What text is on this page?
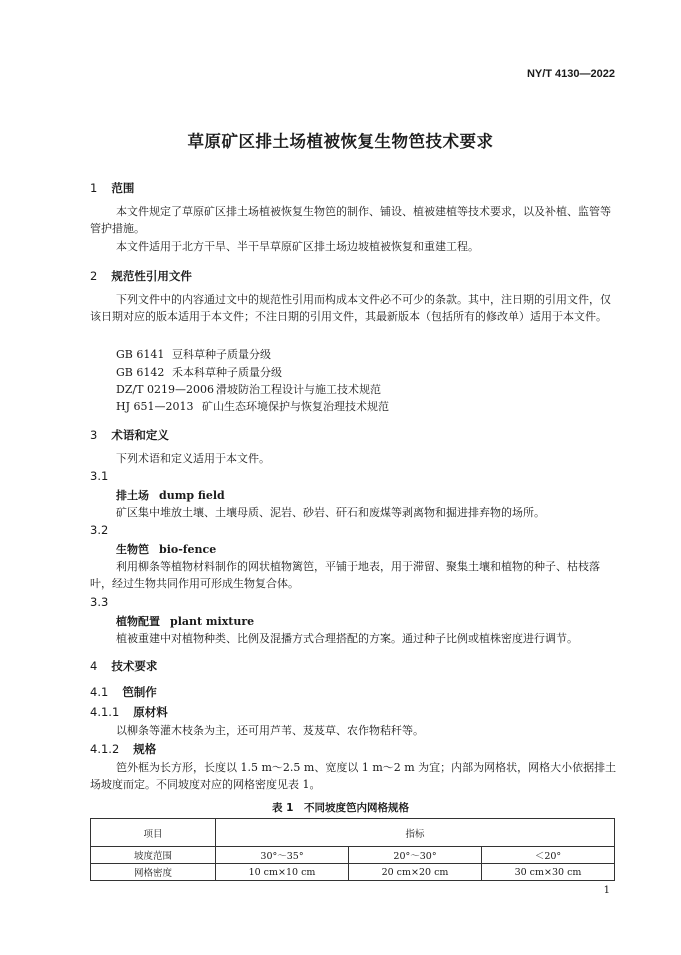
NY/T 4130—2022
草原矿区排土场植被恢复生物笆技术要求
1 范围
本文件规定了草原矿区排土场植被恢复生物笆的制作、铺设、植被建植等技术要求，以及补植、监管等管护措施。
本文件适用于北方干旱、半干旱草原矿区排土场边坡植被恢复和重建工程。
2 规范性引用文件
下列文件中的内容通过文中的规范性引用而构成本文件必不可少的条款。其中，注日期的引用文件，仅该日期对应的版本适用于本文件；不注日期的引用文件，其最新版本（包括所有的修改单）适用于本文件。
GB 6141 豆科草种子质量分级
GB 6142 禾本科草种子质量分级
DZ/T 0219—2006 滑坡防治工程设计与施工技术规范
HJ 651—2013 矿山生态环境保护与恢复治理技术规范
3 术语和定义
下列术语和定义适用于本文件。
3.1
排土场 dump field
矿区集中堆放土壤、土壤母质、泥岩、砂岩、矸石和废煤等剥离物和掘进排弃物的场所。
3.2
生物笆 bio-fence
利用柳条等植物材料制作的网状植物篱笆，平铺于地表，用于滞留、聚集土壤和植物的种子、枯枝落叶，经过生物共同作用可形成生物复合体。
3.3
植物配置 plant mixture
植被重建中对植物种类、比例及混播方式合理搭配的方案。通过种子比例或植株密度进行调节。
4 技术要求
4.1 笆制作
4.1.1 原材料
以柳条等灌木枝条为主，还可用芦苇、芨芨草、农作物秸秆等。
4.1.2 规格
笆外框为长方形，长度以 1.5 m～2.5 m、宽度以 1 m～2 m 为宜；内部为网格状，网格大小依据排土场坡度而定。不同坡度对应的网格密度见表 1。
表 1　不同坡度笆内网格规格
项目	指标		
坡度范围	30°～35°	20°～30°	＜20°
网格密度	10 cm×10 cm	20 cm×20 cm	30 cm×30 cm
1
